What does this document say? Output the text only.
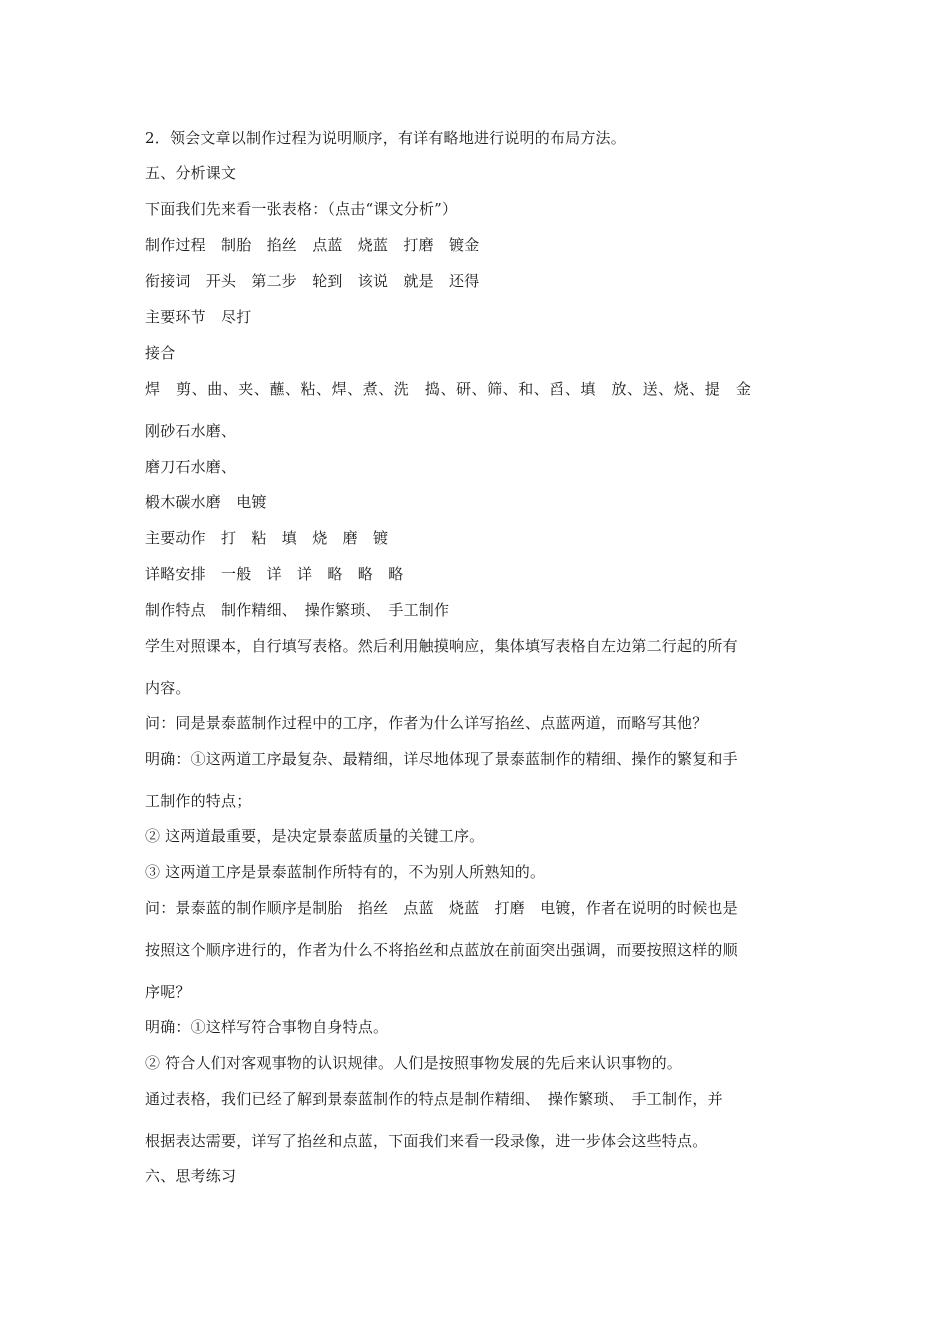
2．领会文章以制作过程为说明顺序，有详有略地进行说明的布局方法。
五、分析课文
下面我们先来看一张表格：（点击“课文分析”）
制作过程　制胎　掐丝　点蓝　烧蓝　打磨　镀金
衔接词　开头　第二步　轮到　该说　就是　还得
主要环节　尽打
接合
焊　剪、曲、夹、蘸、粘、焊、煮、洗　捣、研、筛、和、舀、填　放、送、烧、提　金
刚砂石水磨、
磨刀石水磨、
椴木碳水磨　电镀
主要动作　打　粘　填　烧　磨　镀
详略安排　一般　详　详　略　略　略
制作特点　制作精细、　操作繁琐、　手工制作
学生对照课本，自行填写表格。然后利用触摸响应，集体填写表格自左边第二行起的所有
内容。
问：同是景泰蓝制作过程中的工序，作者为什么详写掐丝、点蓝两道，而略写其他？
明确：①这两道工序最复杂、最精细，详尽地体现了景泰蓝制作的精细、操作的繁复和手
工制作的特点；
② 这两道最重要，是决定景泰蓝质量的关键工序。
③ 这两道工序是景泰蓝制作所特有的，不为别人所熟知的。
问：景泰蓝的制作顺序是制胎　掐丝　点蓝　烧蓝　打磨　电镀，作者在说明的时候也是
按照这个顺序进行的，作者为什么不将掐丝和点蓝放在前面突出强调，而要按照这样的顺
序呢？
明确：①这样写符合事物自身特点。
② 符合人们对客观事物的认识规律。人们是按照事物发展的先后来认识事物的。
通过表格，我们已经了解到景泰蓝制作的特点是制作精细、　操作繁琐、　手工制作，并
根据表达需要，详写了掐丝和点蓝，下面我们来看一段录像，进一步体会这些特点。
六、思考练习
